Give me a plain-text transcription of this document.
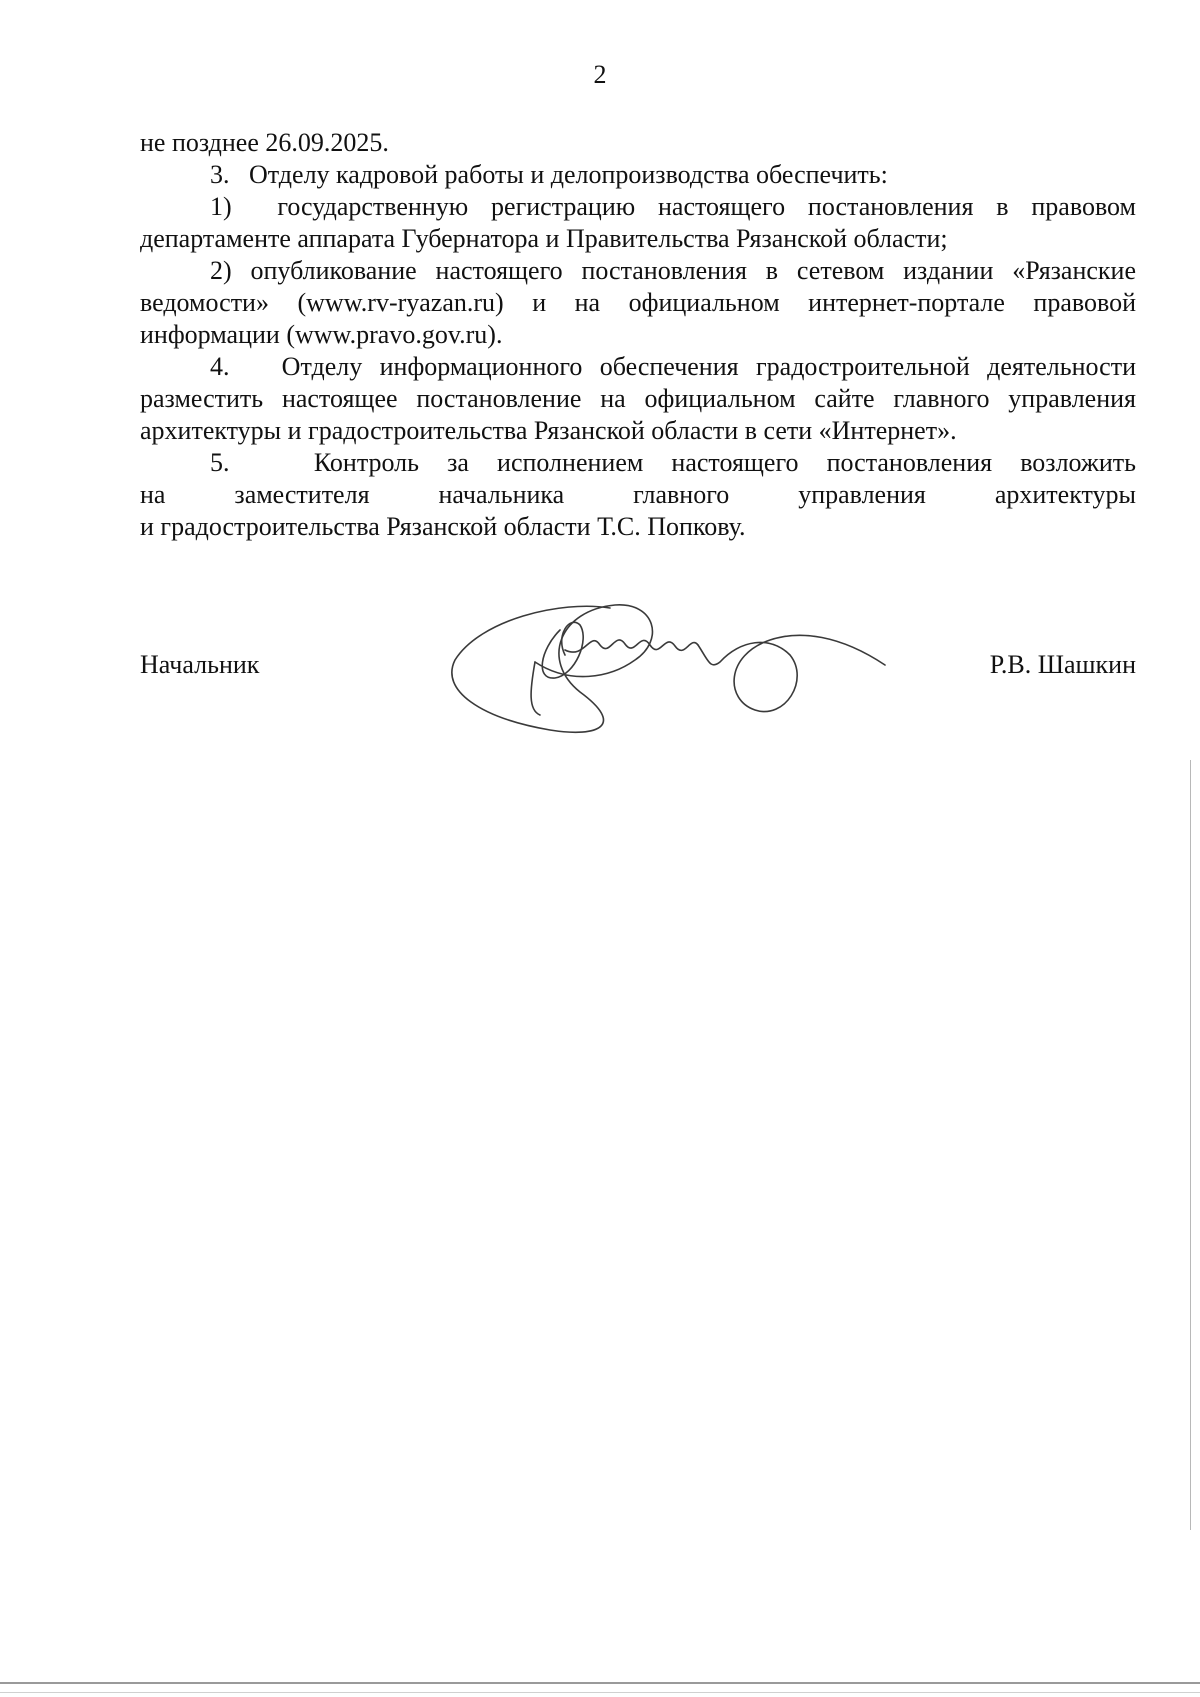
2

не позднее 26.09.2025.

3.   Отделу кадровой работы и делопроизводства обеспечить:

1)  государственную регистрацию настоящего постановления в правовом департаменте аппарата Губернатора и Правительства Рязанской области;

2) опубликование настоящего постановления в сетевом издании «Рязанские ведомости» (www.rv-ryazan.ru) и на официальном интернет-портале правовой информации (www.pravo.gov.ru).

4.   Отделу информационного обеспечения градостроительной деятельности разместить настоящее постановление на официальном сайте главного управления архитектуры и градостроительства Рязанской области в сети «Интернет».

5.   Контроль за исполнением настоящего постановления возложить

на заместителя начальника главного управления архитектуры

и градостроительства Рязанской области Т.С. Попкову.

Начальник	Р.В. Шашкин
